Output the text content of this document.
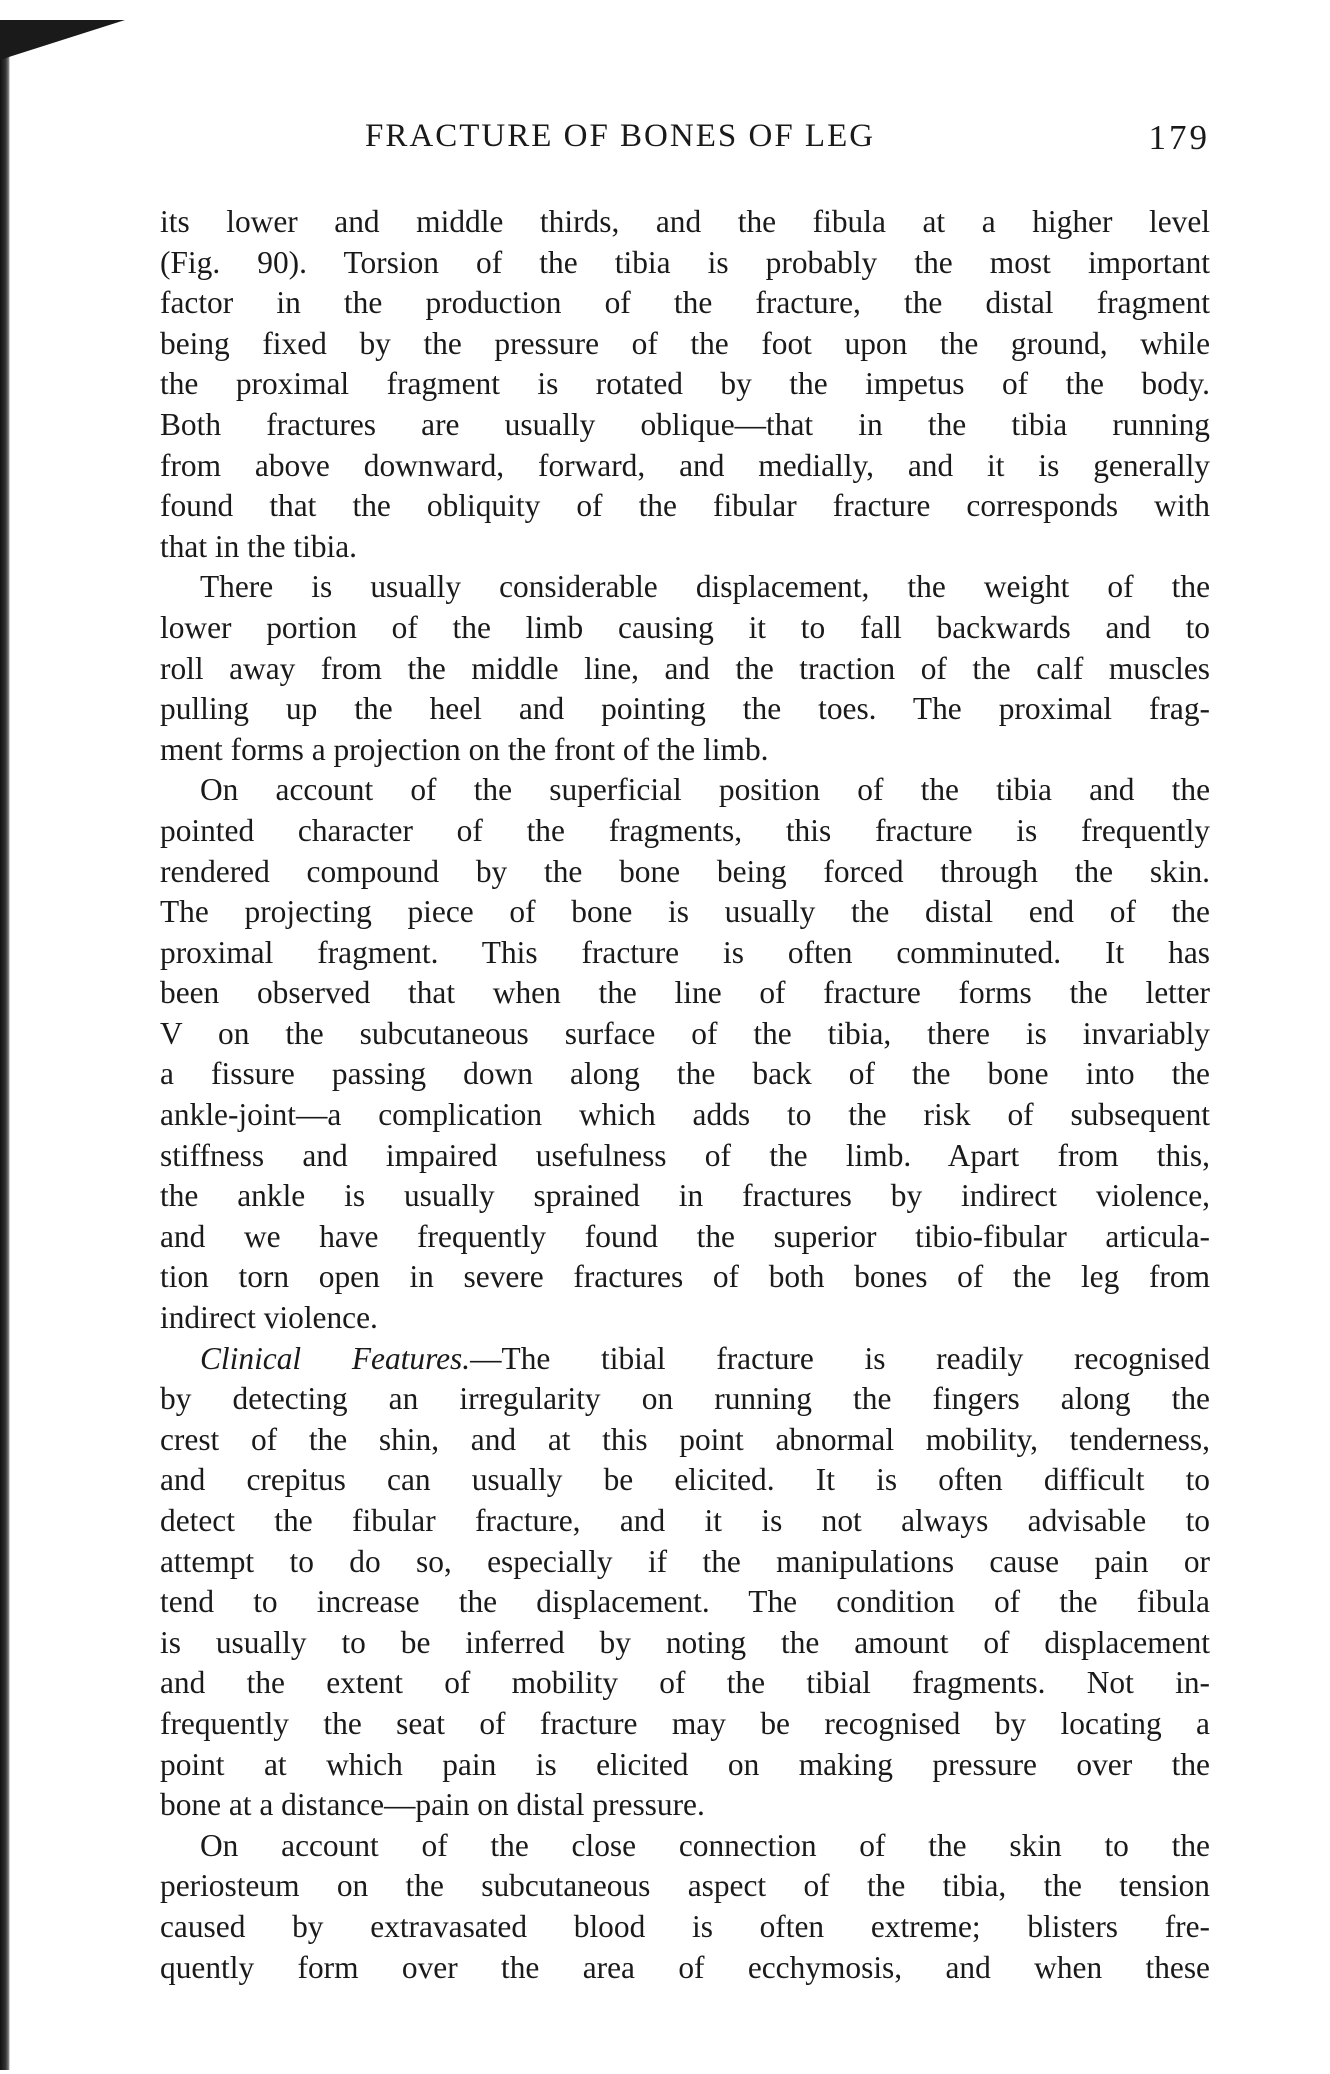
FRACTURE OF BONES OF LEG	179
its lower and middle thirds, and the fibula at a higher level
(Fig. 90). Torsion of the tibia is probably the most important
factor in the production of the fracture, the distal fragment
being fixed by the pressure of the foot upon the ground, while
the proximal fragment is rotated by the impetus of the body.
Both fractures are usually oblique—that in the tibia running
from above downward, forward, and medially, and it is generally
found that the obliquity of the fibular fracture corresponds with
that in the tibia.
There is usually considerable displacement, the weight of the
lower portion of the limb causing it to fall backwards and to
roll away from the middle line, and the traction of the calf muscles
pulling up the heel and pointing the toes. The proximal frag-
ment forms a projection on the front of the limb.
On account of the superficial position of the tibia and the
pointed character of the fragments, this fracture is frequently
rendered compound by the bone being forced through the skin.
The projecting piece of bone is usually the distal end of the
proximal fragment. This fracture is often comminuted. It has
been observed that when the line of fracture forms the letter
V on the subcutaneous surface of the tibia, there is invariably
a fissure passing down along the back of the bone into the
ankle-joint—a complication which adds to the risk of subsequent
stiffness and impaired usefulness of the limb. Apart from this,
the ankle is usually sprained in fractures by indirect violence,
and we have frequently found the superior tibio-fibular articula-
tion torn open in severe fractures of both bones of the leg from
indirect violence.
Clinical Features.—The tibial fracture is readily recognised
by detecting an irregularity on running the fingers along the
crest of the shin, and at this point abnormal mobility, tenderness,
and crepitus can usually be elicited. It is often difficult to
detect the fibular fracture, and it is not always advisable to
attempt to do so, especially if the manipulations cause pain or
tend to increase the displacement. The condition of the fibula
is usually to be inferred by noting the amount of displacement
and the extent of mobility of the tibial fragments. Not in-
frequently the seat of fracture may be recognised by locating a
point at which pain is elicited on making pressure over the
bone at a distance—pain on distal pressure.
On account of the close connection of the skin to the
periosteum on the subcutaneous aspect of the tibia, the tension
caused by extravasated blood is often extreme; blisters fre-
quently form over the area of ecchymosis, and when these
